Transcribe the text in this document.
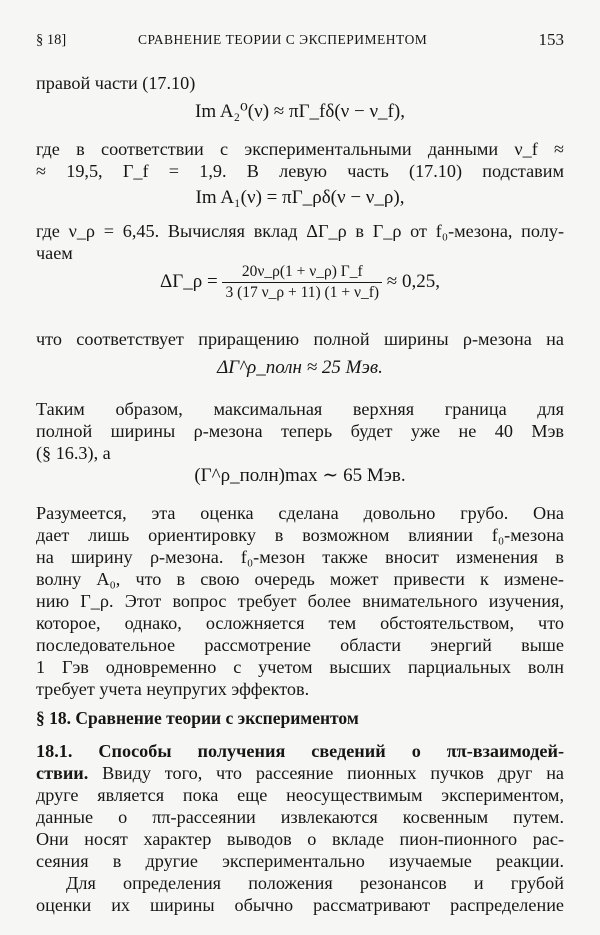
§ 18]	СРАВНЕНИЕ ТЕОРИИ С ЭКСПЕРИМЕНТОМ	153
правой части (17.10)
Im A₂⁰(ν) ≈ πΓ_fδ(ν − ν_f),
где в соответствии с экспериментальными данными ν_f ≈
≈ 19,5, Γ_f = 1,9. В левую часть (17.10) подставим
Im A₁(ν) = πΓ_ρδ(ν − ν_ρ),
где ν_ρ = 6,45. Вычисляя вклад ΔΓ_ρ в Γ_ρ от f₀-мезона, полу-
чаем
ΔΓ_ρ = $\frac{20\nu\_\rho(1 + \nu\_\rho) \Gamma\_f}{3 (17 \nu\_\rho + 11) (1 + \nu\_f)} \approx 0,25$,
что соответствует приращению полной ширины ρ-мезона на
ΔΓ^ρ_полн ≈ 25 Мэв.
Таким образом, максимальная верхняя граница для
полной ширины ρ-мезона теперь будет уже не 40 Мэв
(§ 16.3), а
(Γ^ρ_полн)max ∼ 65 Мэв.
Разумеется, эта оценка сделана довольно грубо. Она
дает лишь ориентировку в возможном влиянии f₀-мезона
на ширину ρ-мезона. f₀-мезон также вносит изменения в
волну A₀, что в свою очередь может привести к измене-
нию Γ_ρ. Этот вопрос требует более внимательного изучения,
которое, однако, осложняется тем обстоятельством, что
последовательное рассмотрение области энергий выше
1 Гэв одновременно с учетом высших парциальных волн
требует учета неупругих эффектов.
§ 18. Сравнение теории с экспериментом
18.1. Способы получения сведений о ππ-взаимодей-
ствии. Ввиду того, что рассеяние пионных пучков друг на
друге является пока еще неосуществимым экспериментом,
данные о ππ-рассеянии извлекаются косвенным путем.
Они носят характер выводов о вкладе пион-пионного рас-
сеяния в другие экспериментально изучаемые реакции.
Для определения положения резонансов и грубой
оценки их ширины обычно рассматривают распределение
